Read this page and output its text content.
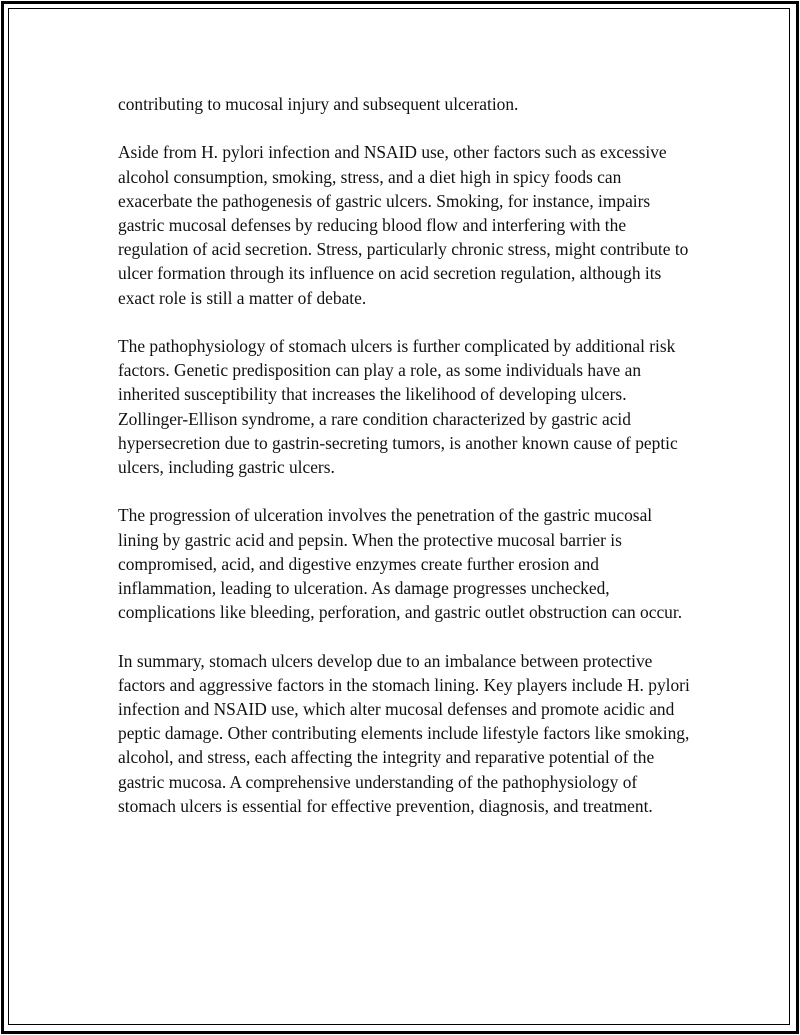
contributing to mucosal injury and subsequent ulceration.

Aside from H. pylori infection and NSAID use, other factors such as excessive alcohol consumption, smoking, stress, and a diet high in spicy foods can exacerbate the pathogenesis of gastric ulcers. Smoking, for instance, impairs gastric mucosal defenses by reducing blood flow and interfering with the regulation of acid secretion. Stress, particularly chronic stress, might contribute to ulcer formation through its influence on acid secretion regulation, although its exact role is still a matter of debate.

The pathophysiology of stomach ulcers is further complicated by additional risk factors. Genetic predisposition can play a role, as some individuals have an inherited susceptibility that increases the likelihood of developing ulcers. Zollinger-Ellison syndrome, a rare condition characterized by gastric acid hypersecretion due to gastrin-secreting tumors, is another known cause of peptic ulcers, including gastric ulcers.

The progression of ulceration involves the penetration of the gastric mucosal lining by gastric acid and pepsin. When the protective mucosal barrier is compromised, acid, and digestive enzymes create further erosion and inflammation, leading to ulceration. As damage progresses unchecked, complications like bleeding, perforation, and gastric outlet obstruction can occur.

In summary, stomach ulcers develop due to an imbalance between protective factors and aggressive factors in the stomach lining. Key players include H. pylori infection and NSAID use, which alter mucosal defenses and promote acidic and peptic damage. Other contributing elements include lifestyle factors like smoking, alcohol, and stress, each affecting the integrity and reparative potential of the gastric mucosa. A comprehensive understanding of the pathophysiology of stomach ulcers is essential for effective prevention, diagnosis, and treatment.
